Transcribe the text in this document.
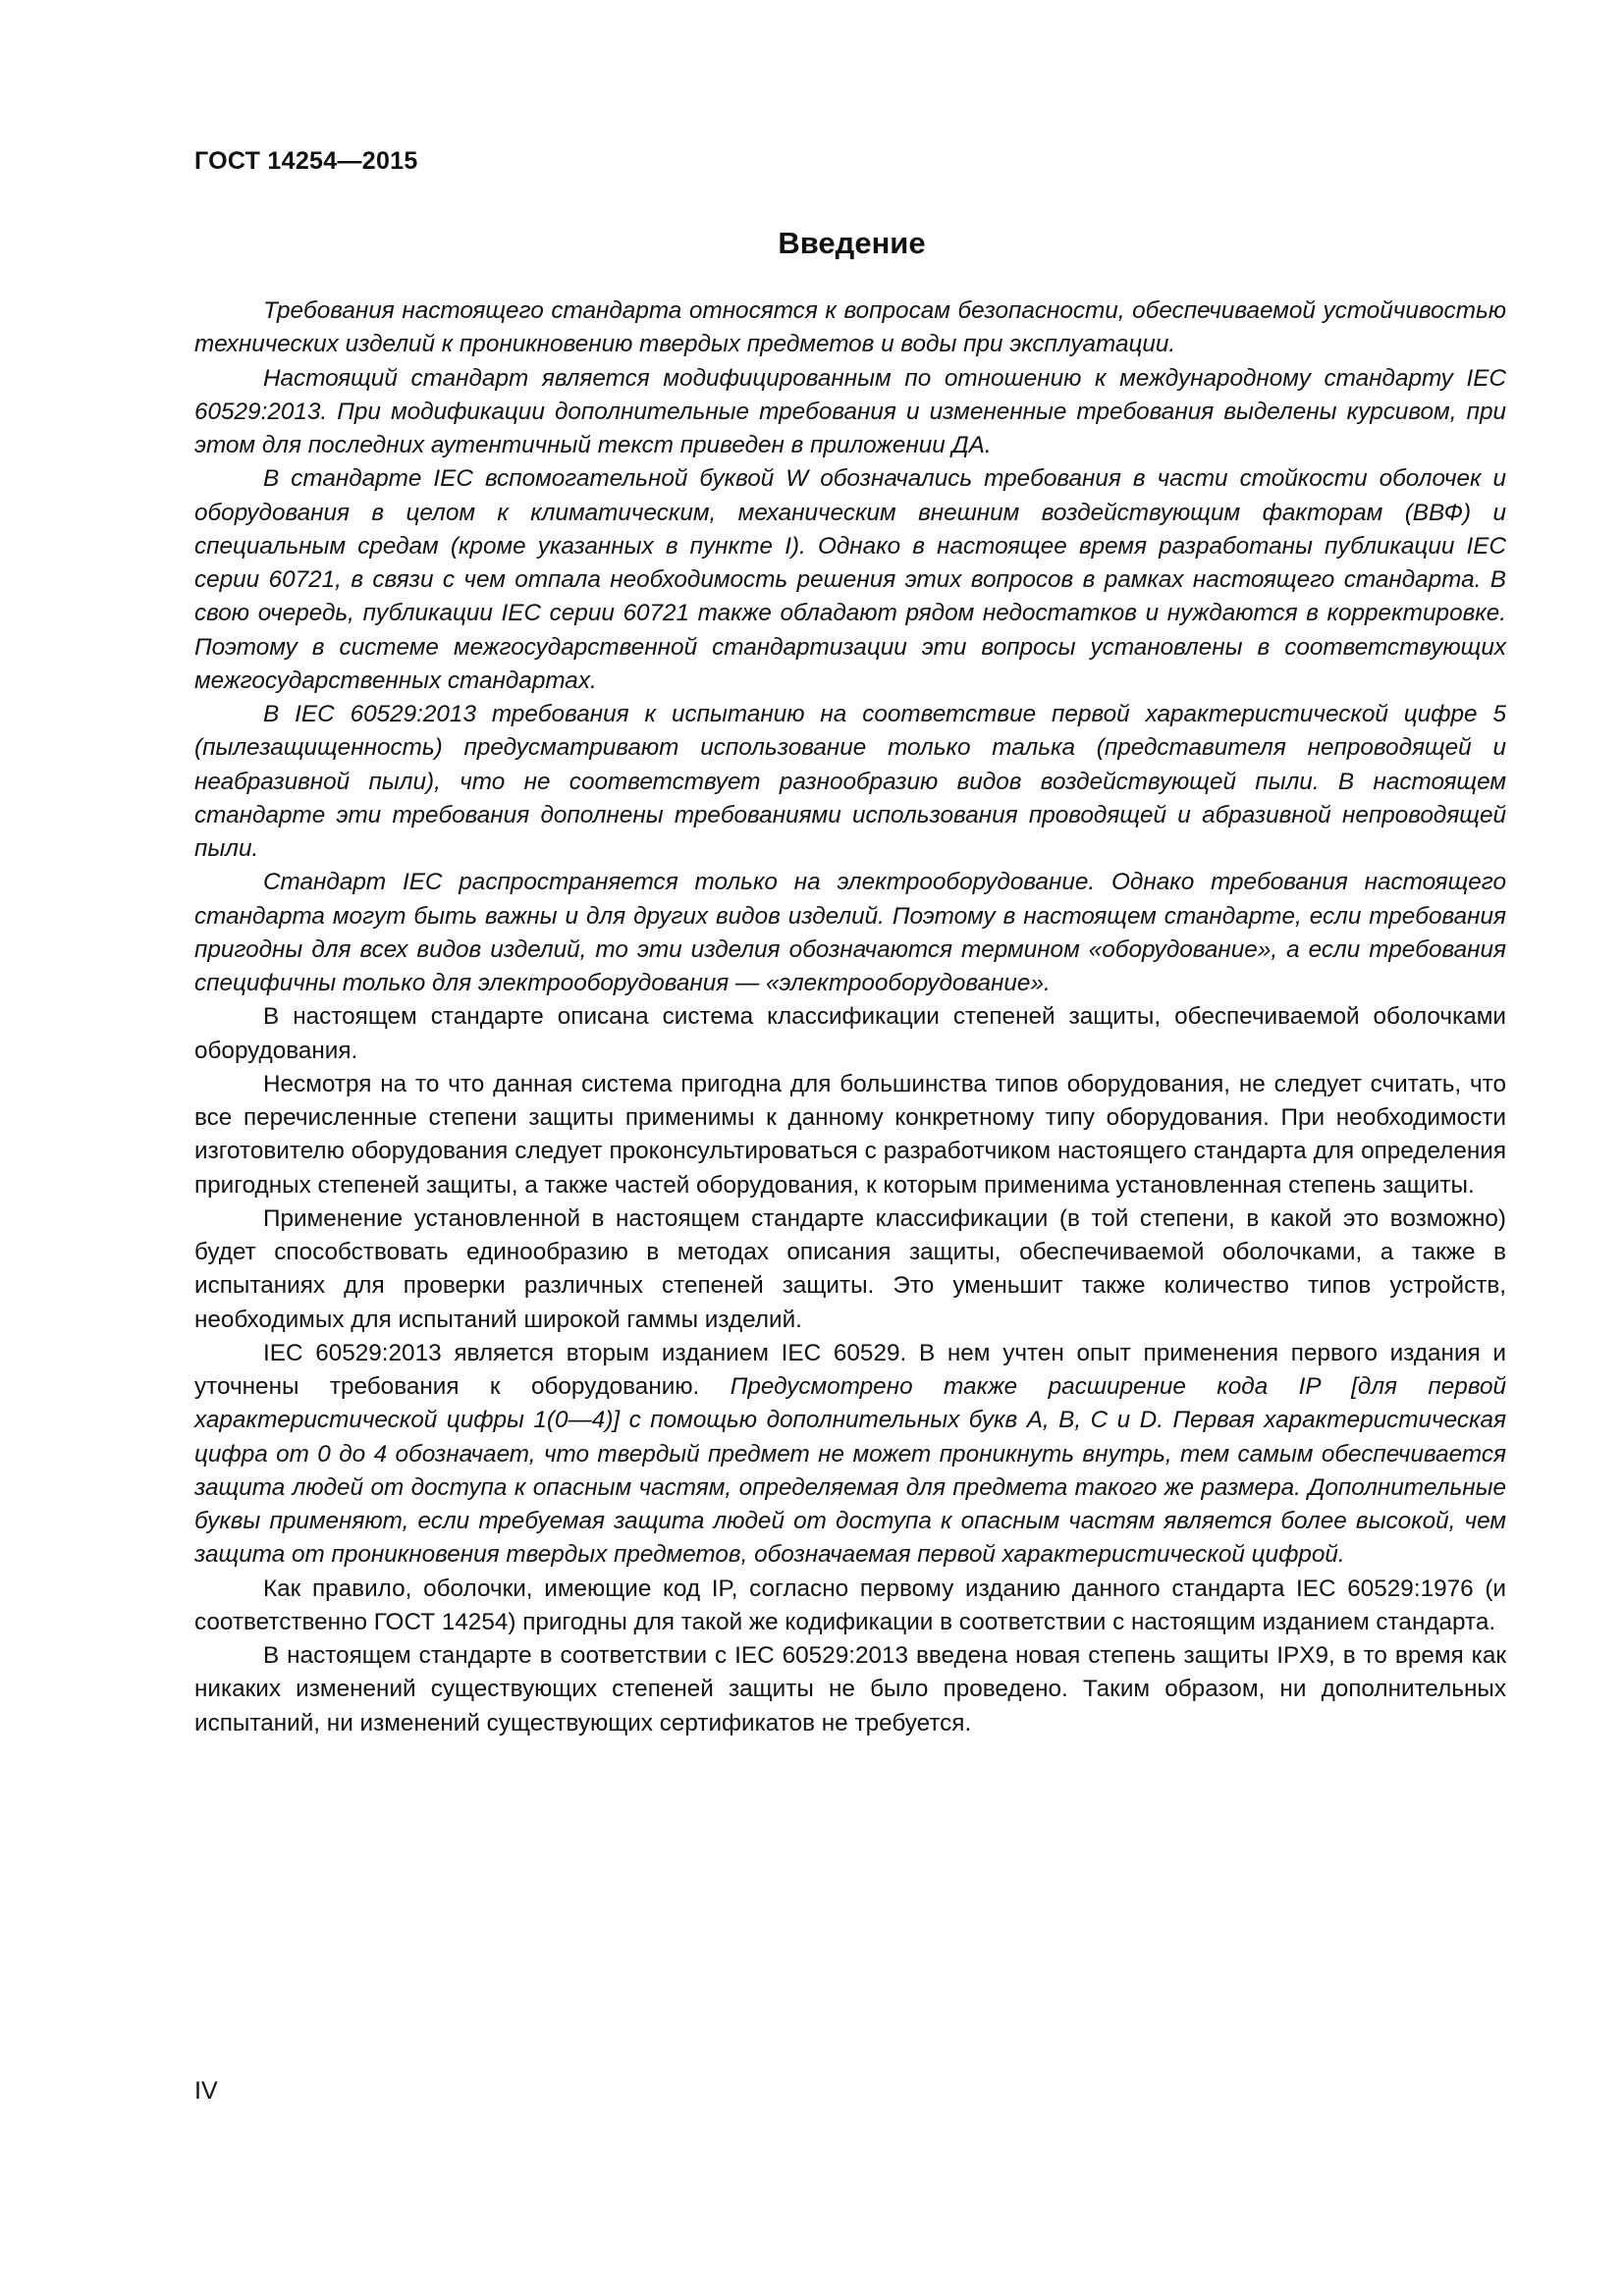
ГОСТ 14254—2015
Введение

Требования настоящего стандарта относятся к вопросам безопасности, обеспечиваемой устойчивостью технических изделий к проникновению твердых предметов и воды при эксплуатации.

Настоящий стандарт является модифицированным по отношению к международному стандарту IEC 60529:2013. При модификации дополнительные требования и измененные требования выделены курсивом, при этом для последних аутентичный текст приведен в приложении ДА.

В стандарте IEC вспомогательной буквой W обозначались требования в части стойкости оболочек и оборудования в целом к климатическим, механическим внешним воздействующим факторам (ВВФ) и специальным средам (кроме указанных в пункте I). Однако в настоящее время разработаны публикации IEC серии 60721, в связи с чем отпала необходимость решения этих вопросов в рамках настоящего стандарта. В свою очередь, публикации IEC серии 60721 также обладают рядом недостатков и нуждаются в корректировке. Поэтому в системе межгосударственной стандартизации эти вопросы установлены в соответствующих межгосударственных стандартах.

В IEC 60529:2013 требования к испытанию на соответствие первой характеристической цифре 5 (пылезащищенность) предусматривают использование только талька (представителя непроводящей и неабразивной пыли), что не соответствует разнообразию видов воздействующей пыли. В настоящем стандарте эти требования дополнены требованиями использования проводящей и абразивной непроводящей пыли.

Стандарт IEC распространяется только на электрооборудование. Однако требования настоящего стандарта могут быть важны и для других видов изделий. Поэтому в настоящем стандарте, если требования пригодны для всех видов изделий, то эти изделия обозначаются термином «оборудование», а если требования специфичны только для электрооборудования — «электрооборудование».

В настоящем стандарте описана система классификации степеней защиты, обеспечиваемой оболочками оборудования.

Несмотря на то что данная система пригодна для большинства типов оборудования, не следует считать, что все перечисленные степени защиты применимы к данному конкретному типу оборудования. При необходимости изготовителю оборудования следует проконсультироваться с разработчиком настоящего стандарта для определения пригодных степеней защиты, а также частей оборудования, к которым применима установленная степень защиты.

Применение установленной в настоящем стандарте классификации (в той степени, в какой это возможно) будет способствовать единообразию в методах описания защиты, обеспечиваемой оболочками, а также в испытаниях для проверки различных степеней защиты. Это уменьшит также количество типов устройств, необходимых для испытаний широкой гаммы изделий.

IEC 60529:2013 является вторым изданием IEC 60529. В нем учтен опыт применения первого издания и уточнены требования к оборудованию. Предусмотрено также расширение кода IP [для первой характеристической цифры 1(0—4)] с помощью дополнительных букв A, B, C и D. Первая характеристическая цифра от 0 до 4 обозначает, что твердый предмет не может проникнуть внутрь, тем самым обеспечивается защита людей от доступа к опасным частям, определяемая для предмета такого же размера. Дополнительные буквы применяют, если требуемая защита людей от доступа к опасным частям является более высокой, чем защита от проникновения твердых предметов, обозначаемая первой характеристической цифрой.

Как правило, оболочки, имеющие код IP, согласно первому изданию данного стандарта IEC 60529:1976 (и соответственно ГОСТ 14254) пригодны для такой же кодификации в соответствии с настоящим изданием стандарта.

В настоящем стандарте в соответствии с IEC 60529:2013 введена новая степень защиты IPX9, в то время как никаких изменений существующих степеней защиты не было проведено. Таким образом, ни дополнительных испытаний, ни изменений существующих сертификатов не требуется.

IV
